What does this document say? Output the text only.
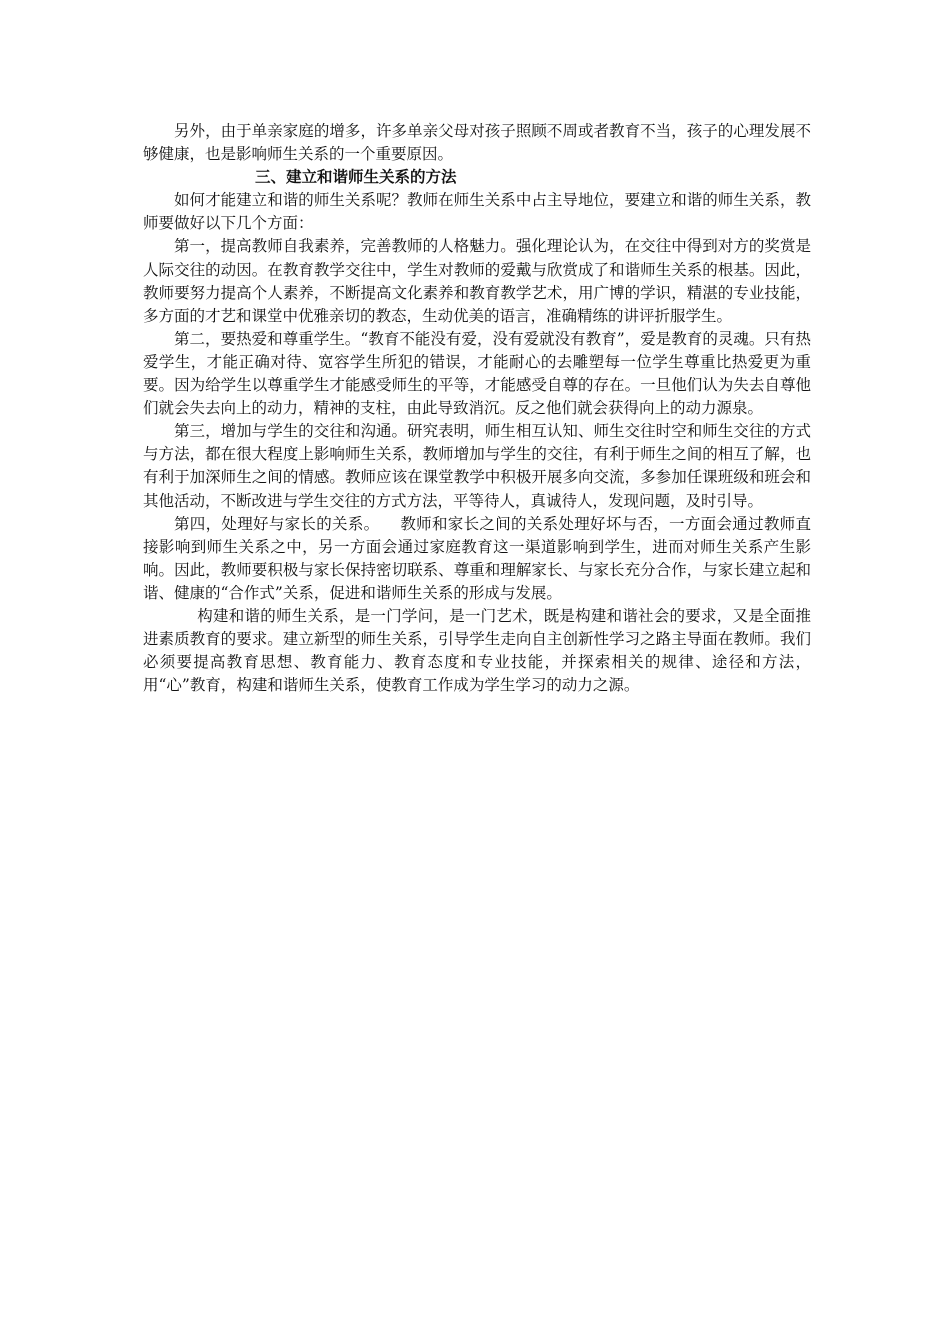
另外，由于单亲家庭的增多，许多单亲父母对孩子照顾不周或者教育不当，孩子的心理发展不够健康，也是影响师生关系的一个重要原因。

三、建立和谐师生关系的方法

如何才能建立和谐的师生关系呢？教师在师生关系中占主导地位，要建立和谐的师生关系，教师要做好以下几个方面：

第一，提高教师自我素养，完善教师的人格魅力。强化理论认为，在交往中得到对方的奖赏是人际交往的动因。在教育教学交往中，学生对教师的爱戴与欣赏成了和谐师生关系的根基。因此，教师要努力提高个人素养，不断提高文化素养和教育教学艺术，用广博的学识，精湛的专业技能，多方面的才艺和课堂中优雅亲切的教态，生动优美的语言，准确精练的讲评折服学生。

第二，要热爱和尊重学生。“教育不能没有爱，没有爱就没有教育”，爱是教育的灵魂。只有热爱学生，才能正确对待、宽容学生所犯的错误，才能耐心的去雕塑每一位学生尊重比热爱更为重要。因为给学生以尊重学生才能感受师生的平等，才能感受自尊的存在。一旦他们认为失去自尊他们就会失去向上的动力，精神的支柱，由此导致消沉。反之他们就会获得向上的动力源泉。

第三，增加与学生的交往和沟通。研究表明，师生相互认知、师生交往时空和师生交往的方式与方法，都在很大程度上影响师生关系，教师增加与学生的交往，有利于师生之间的相互了解，也有利于加深师生之间的情感。教师应该在课堂教学中积极开展多向交流，多参加任课班级和班会和其他活动，不断改进与学生交往的方式方法，平等待人，真诚待人，发现问题，及时引导。

第四，处理好与家长的关系。    教师和家长之间的关系处理好坏与否，一方面会通过教师直接影响到师生关系之中，另一方面会通过家庭教育这一渠道影响到学生，进而对师生关系产生影响。因此，教师要积极与家长保持密切联系、尊重和理解家长、与家长充分合作，与家长建立起和谐、健康的“合作式”关系，促进和谐师生关系的形成与发展。

构建和谐的师生关系，是一门学问，是一门艺术，既是构建和谐社会的要求，又是全面推进素质教育的要求。建立新型的师生关系，引导学生走向自主创新性学习之路主导面在教师。我们必须要提高教育思想、教育能力、教育态度和专业技能，并探索相关的规律、途径和方法，用“心”教育，构建和谐师生关系，使教育工作成为学生学习的动力之源。
